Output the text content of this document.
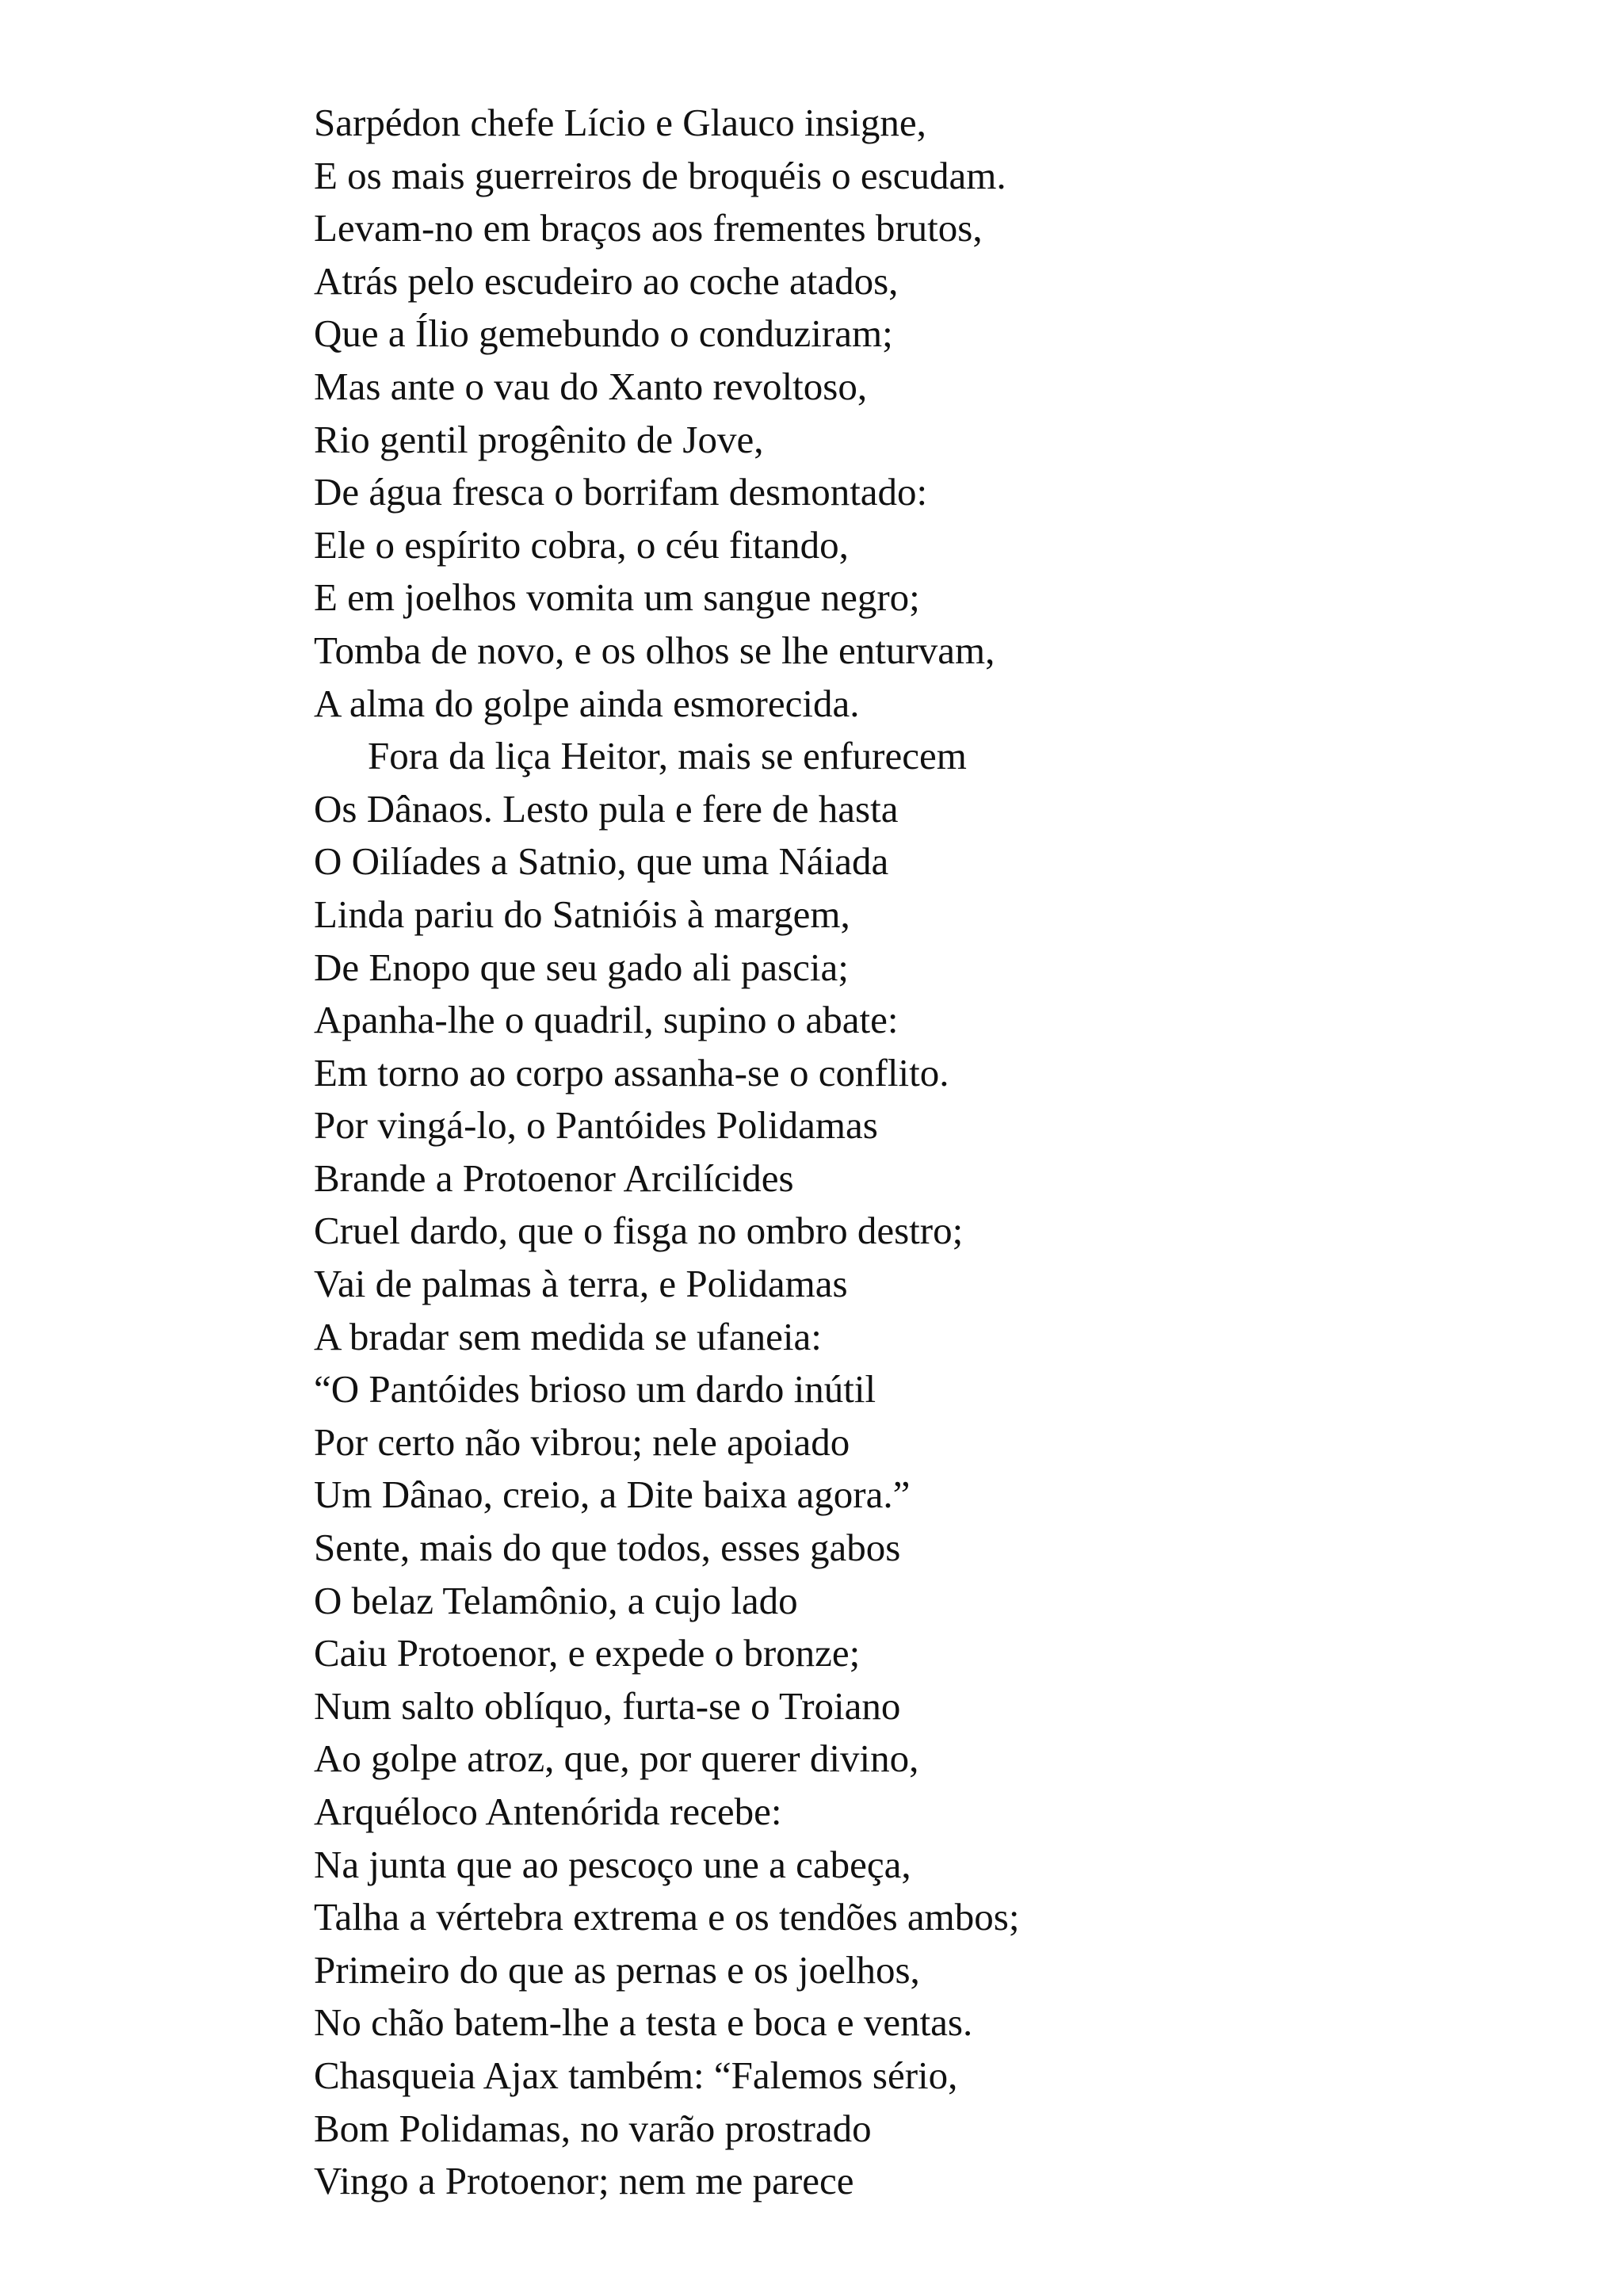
Sarpédon chefe Lício e Glauco insigne,
E os mais guerreiros de broquéis o escudam.
Levam-no em braços aos frementes brutos,
Atrás pelo escudeiro ao coche atados,
Que a Ílio gemebundo o conduziram;
Mas ante o vau do Xanto revoltoso,
Rio gentil progênito de Jove,
De água fresca o borrifam desmontado:
Ele o espírito cobra, o céu fitando,
E em joelhos vomita um sangue negro;
Tomba de novo, e os olhos se lhe enturvam,
A alma do golpe ainda esmorecida.
Fora da liça Heitor, mais se enfurecem
Os Dânaos. Lesto pula e fere de hasta
O Oilíades a Satnio, que uma Náiada
Linda pariu do Satnióis à margem,
De Enopo que seu gado ali pascia;
Apanha-lhe o quadril, supino o abate:
Em torno ao corpo assanha-se o conflito.
Por vingá-lo, o Pantóides Polidamas
Brande a Protoenor Arcilícides
Cruel dardo, que o fisga no ombro destro;
Vai de palmas à terra, e Polidamas
A bradar sem medida se ufaneia:
“O Pantóides brioso um dardo inútil
Por certo não vibrou; nele apoiado
Um Dânao, creio, a Dite baixa agora.”
Sente, mais do que todos, esses gabos
O belaz Telamônio, a cujo lado
Caiu Protoenor, e expede o bronze;
Num salto oblíquo, furta-se o Troiano
Ao golpe atroz, que, por querer divino,
Arquéloco Antenórida recebe:
Na junta que ao pescoço une a cabeça,
Talha a vértebra extrema e os tendões ambos;
Primeiro do que as pernas e os joelhos,
No chão batem-lhe a testa e boca e ventas.
Chasqueia Ajax também: “Falemos sério,
Bom Polidamas, no varão prostrado
Vingo a Protoenor; nem me parece
